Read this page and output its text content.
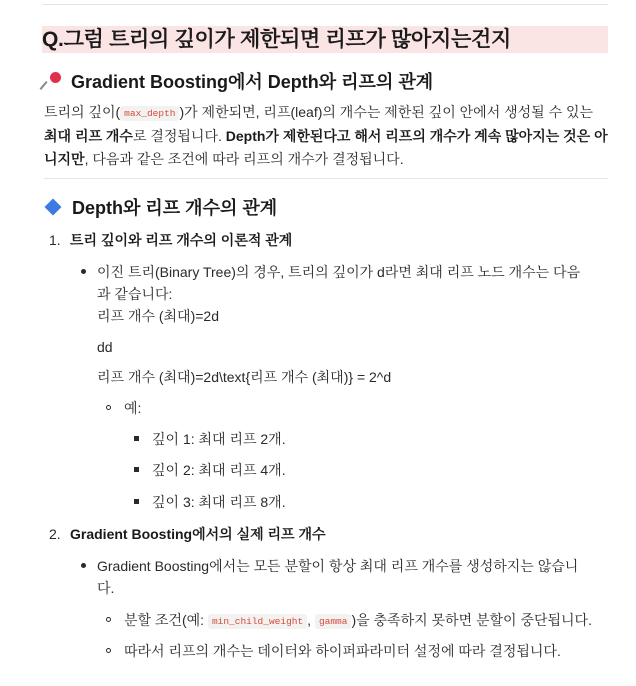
Q.그럼 트리의 깊이가 제한되면 리프가 많아지는건지
Gradient Boosting에서 Depth와 리프의 관계
트리의 깊이( max_depth )가 제한되면, 리프(leaf)의 개수는 제한된 깊이 안에서 생성될 수 있는 최대 리프 개수로 결정됩니다. Depth가 제한된다고 해서 리프의 개수가 계속 많아지는 것은 아니지만, 다음과 같은 조건에 따라 리프의 개수가 결정됩니다.
Depth와 리프 개수의 관계
1. 트리 깊이와 리프 개수의 이론적 관계
이진 트리(Binary Tree)의 경우, 트리의 깊이가 d라면 최대 리프 노드 개수는 다음
과 같습니다:
리프 개수 (최대)=2d
dd
리프 개수 (최대)=2d\text{리프 개수 (최대)} = 2^d
예:
깊이 1: 최대 리프 2개.
깊이 2: 최대 리프 4개.
깊이 3: 최대 리프 8개.
2. Gradient Boosting에서의 실제 리프 개수
Gradient Boosting에서는 모든 분할이 항상 최대 리프 개수를 생성하지는 않습니
다.
분할 조건(예: min_child_weight , gamma )을 충족하지 못하면 분할이 중단됩니다.
따라서 리프의 개수는 데이터와 하이퍼파라미터 설정에 따라 결정됩니다.
